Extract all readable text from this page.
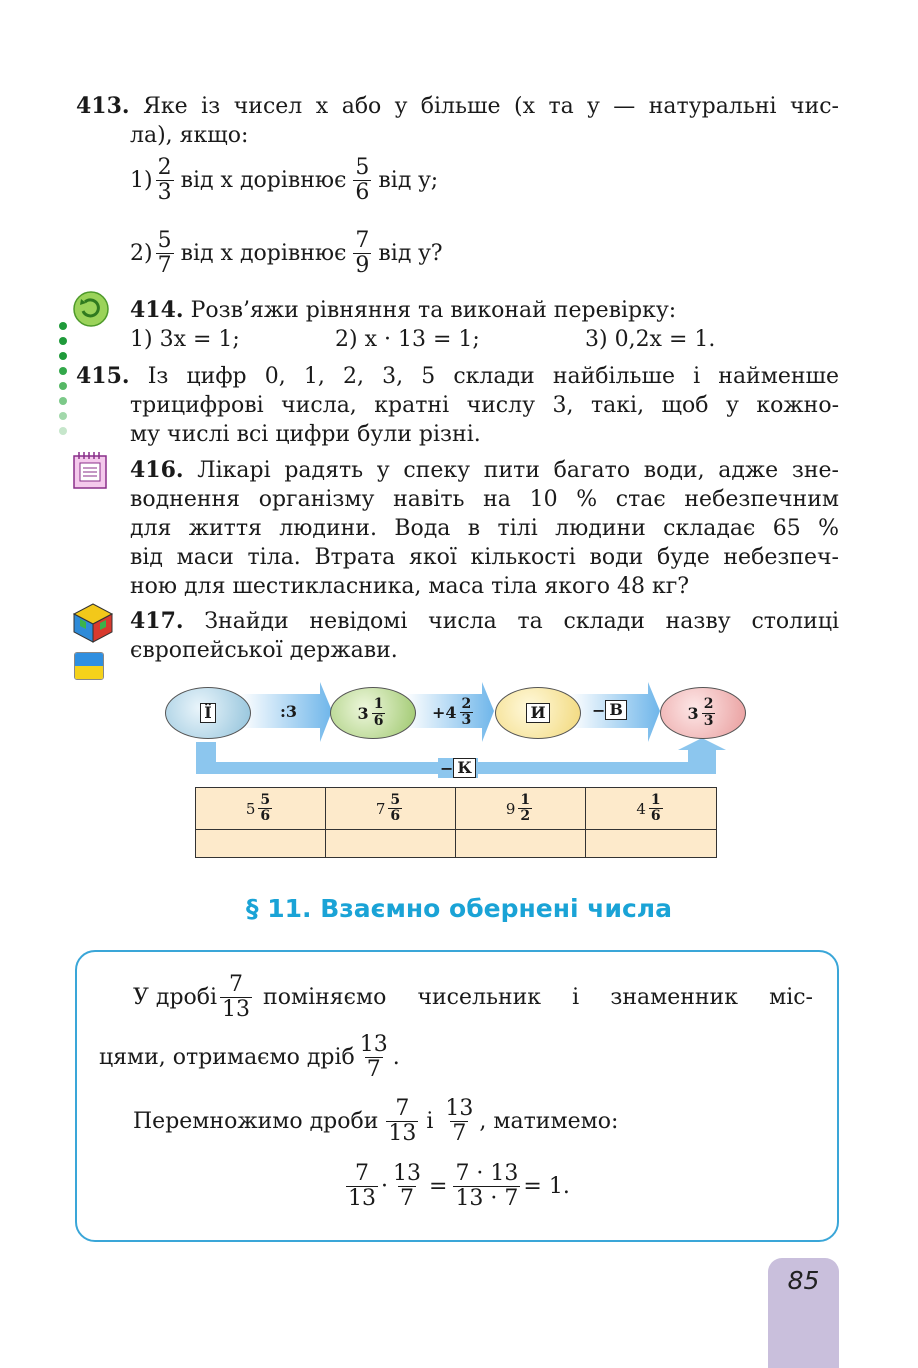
413. Яке із чисел x або y більше (x та y — натуральні чис-
ла), якщо:
$1) \frac{2}{3}$ від x дорівнює $\frac{5}{6}$ від y;
$2) \frac{5}{7}$ від x дорівнює $\frac{7}{9}$ від y?
414. Розв’яжи рівняння та виконай перевірку:
1) 3x = 1;	2) x · 13 = 1;	3) 0,2x = 1.
415. Із цифр 0, 1, 2, 3, 5 склади найбільше і найменше
трицифрові числа, кратні числу 3, такі, щоб у кожно-
му числі всі цифри були різні.
416. Лікарі радять у спеку пити багато води, адже зне-
воднення організму навіть на 10 % стає небезпечним
для життя людини. Вода в тілі людини складає 65 %
від маси тіла. Втрата якої кількості води буде небезпеч-
ною для шестикласника, маса тіла якого 48 кг?
417. Знайди невідомі числа та склади назву столиці
європейської держави.
Ї	:3	$3 \frac{1}{6}$	$+4 \frac{2}{3}$	И	− В	$3 \frac{2}{3}$
− К
$5 \frac{5}{6}$	$7 \frac{5}{6}$	$9 \frac{1}{2}$	$4 \frac{1}{6}$
§ 11. Взаємно обернені числа
У дробі $\frac{7}{13}$ поміняємо чисельник і знаменник міс-
цями, отримаємо дріб $\frac{13}{7}$ .
Перемножимо дроби $\frac{7}{13}$ і $\frac{13}{7}$ , матимемо:
$\frac{7}{13} \cdot \frac{13}{7} = \frac{7 \cdot 13}{13 \cdot 7} = 1$.
85
